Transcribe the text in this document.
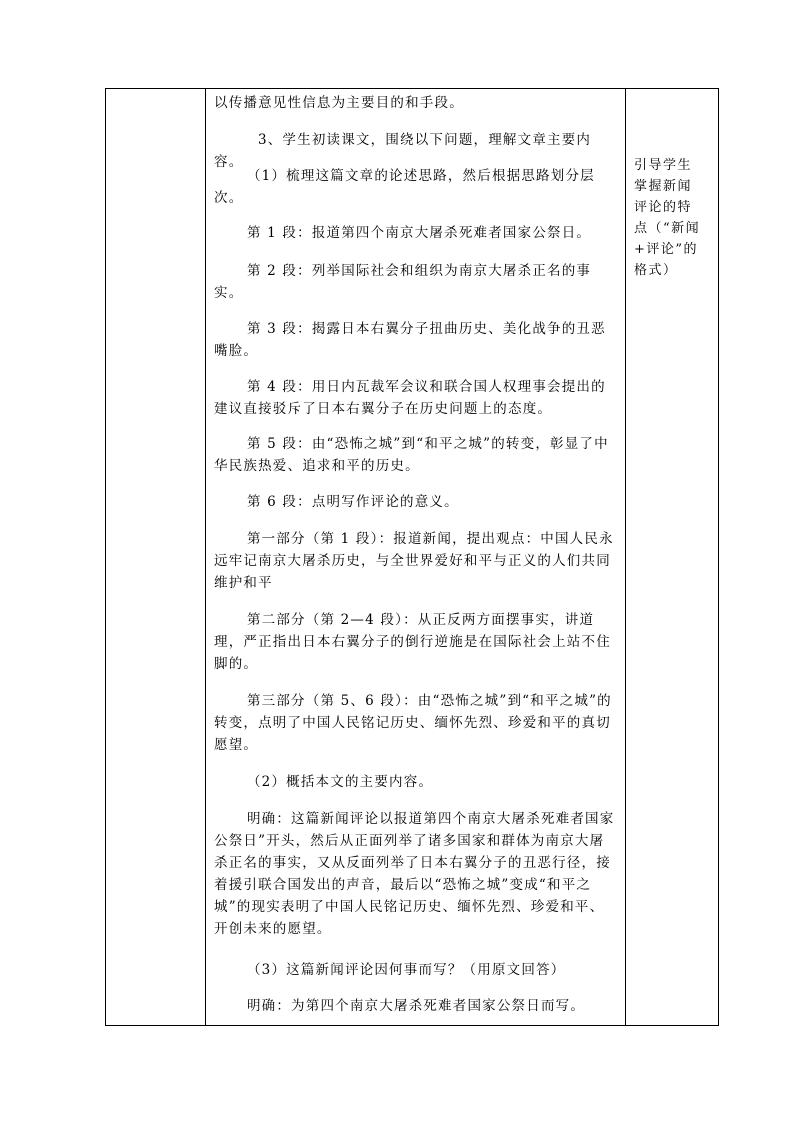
以传播意见性信息为主要目的和手段。
3、学生初读课文，围绕以下问题，理解文章主要内容。
（1）梳理这篇文章的论述思路，然后根据思路划分层次。
第 1 段：报道第四个南京大屠杀死难者国家公祭日。
第 2 段：列举国际社会和组织为南京大屠杀正名的事实。
第 3 段：揭露日本右翼分子扭曲历史、美化战争的丑恶嘴脸。
第 4 段：用日内瓦裁军会议和联合国人权理事会提出的建议直接驳斥了日本右翼分子在历史问题上的态度。
第 5 段：由“恐怖之城”到“和平之城”的转变，彰显了中华民族热爱、追求和平的历史。
第 6 段：点明写作评论的意义。
第一部分（第 1 段）：报道新闻，提出观点：中国人民永远牢记南京大屠杀历史，与全世界爱好和平与正义的人们共同维护和平
第二部分（第 2—4 段）：从正反两方面摆事实，讲道理，严正指出日本右翼分子的倒行逆施是在国际社会上站不住脚的。
第三部分（第 5、6 段）：由“恐怖之城”到“和平之城”的转变，点明了中国人民铭记历史、缅怀先烈、珍爱和平的真切愿望。
（2）概括本文的主要内容。
明确：这篇新闻评论以报道第四个南京大屠杀死难者国家公祭日”开头，然后从正面列举了诸多国家和群体为南京大屠杀正名的事实，又从反面列举了日本右翼分子的丑恶行径，接着援引联合国发出的声音，最后以“恐怖之城”变成“和平之城”的现实表明了中国人民铭记历史、缅怀先烈、珍爱和平、开创未来的愿望。
（3）这篇新闻评论因何事而写？（用原文回答）
明确：为第四个南京大屠杀死难者国家公祭日而写。
引导学生
掌握新闻
评论的特
点（“新闻
+评论”的
格式）
